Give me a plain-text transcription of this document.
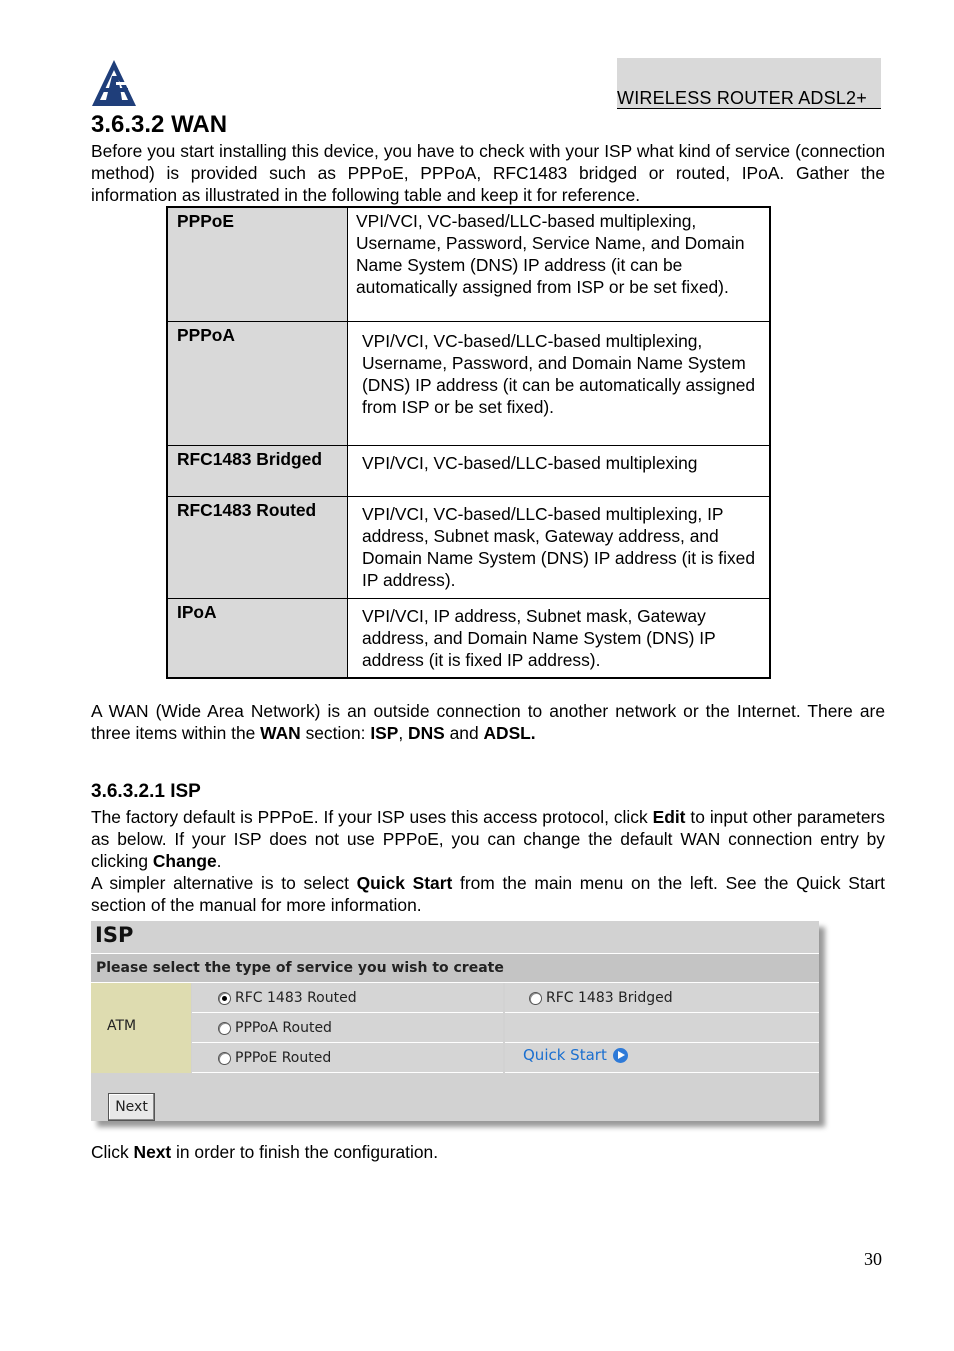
WIRELESS ROUTER ADSL2+
3.6.3.2 WAN

Before you start installing this device, you have to check with your ISP what kind of service (connection method) is provided such as PPPoE, PPPoA, RFC1483 bridged or routed, IPoA. Gather the information as illustrated in the following table and keep it for reference.

PPPoE	VPI/VCI, VC-based/LLC-based multiplexing, Username, Password, Service Name, and Domain Name System (DNS) IP address (it can be automatically assigned from ISP or be set fixed).
PPPoA	VPI/VCI, VC-based/LLC-based multiplexing, Username, Password, and Domain Name System (DNS) IP address (it can be automatically assigned from ISP or be set fixed).
RFC1483 Bridged	VPI/VCI, VC-based/LLC-based multiplexing
RFC1483 Routed	VPI/VCI, VC-based/LLC-based multiplexing, IP address, Subnet mask, Gateway address, and Domain Name System (DNS) IP address (it is fixed IP address).
IPoA	VPI/VCI, IP address, Subnet mask, Gateway address, and Domain Name System (DNS) IP address (it is fixed IP address).

A WAN (Wide Area Network) is an outside connection to another network or the Internet. There are three items within the WAN section: ISP, DNS and ADSL.

3.6.3.2.1 ISP

The factory default is PPPoE. If your ISP uses this access protocol, click Edit to input other parameters as below. If your ISP does not use PPPoE, you can change the default WAN connection entry by clicking Change.

A simpler alternative is to select Quick Start from the main menu on the left. See the Quick Start section of the manual for more information.

ISP
Please select the type of service you wish to create
ATM
RFC 1483 Routed	RFC 1483 Bridged
PPPoA Routed
PPPoE Routed	Quick Start
Next

Click Next in order to finish the configuration.

30
